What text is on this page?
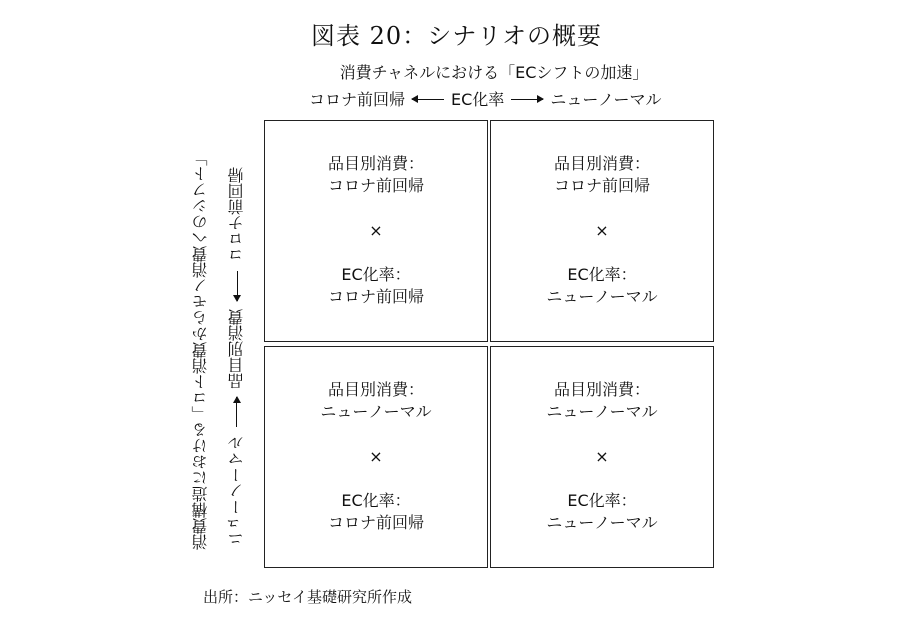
図表 20：シナリオの概要
消費チャネルにおける「ECシフトの加速」
コロナ前回帰	EC化率	ニューノーマル
消費構造における「コト消費からモノ消費へのシフト」 ニューノーマル
品目別消費
コロナ前回帰
品目別消費：
コロナ前回帰
×
EC化率：
コロナ前回帰
品目別消費：
コロナ前回帰
×
EC化率：
ニューノーマル
品目別消費：
ニューノーマル
×
EC化率：
コロナ前回帰
品目別消費：
ニューノーマル
×
EC化率：
ニューノーマル
出所：ニッセイ基礎研究所作成
